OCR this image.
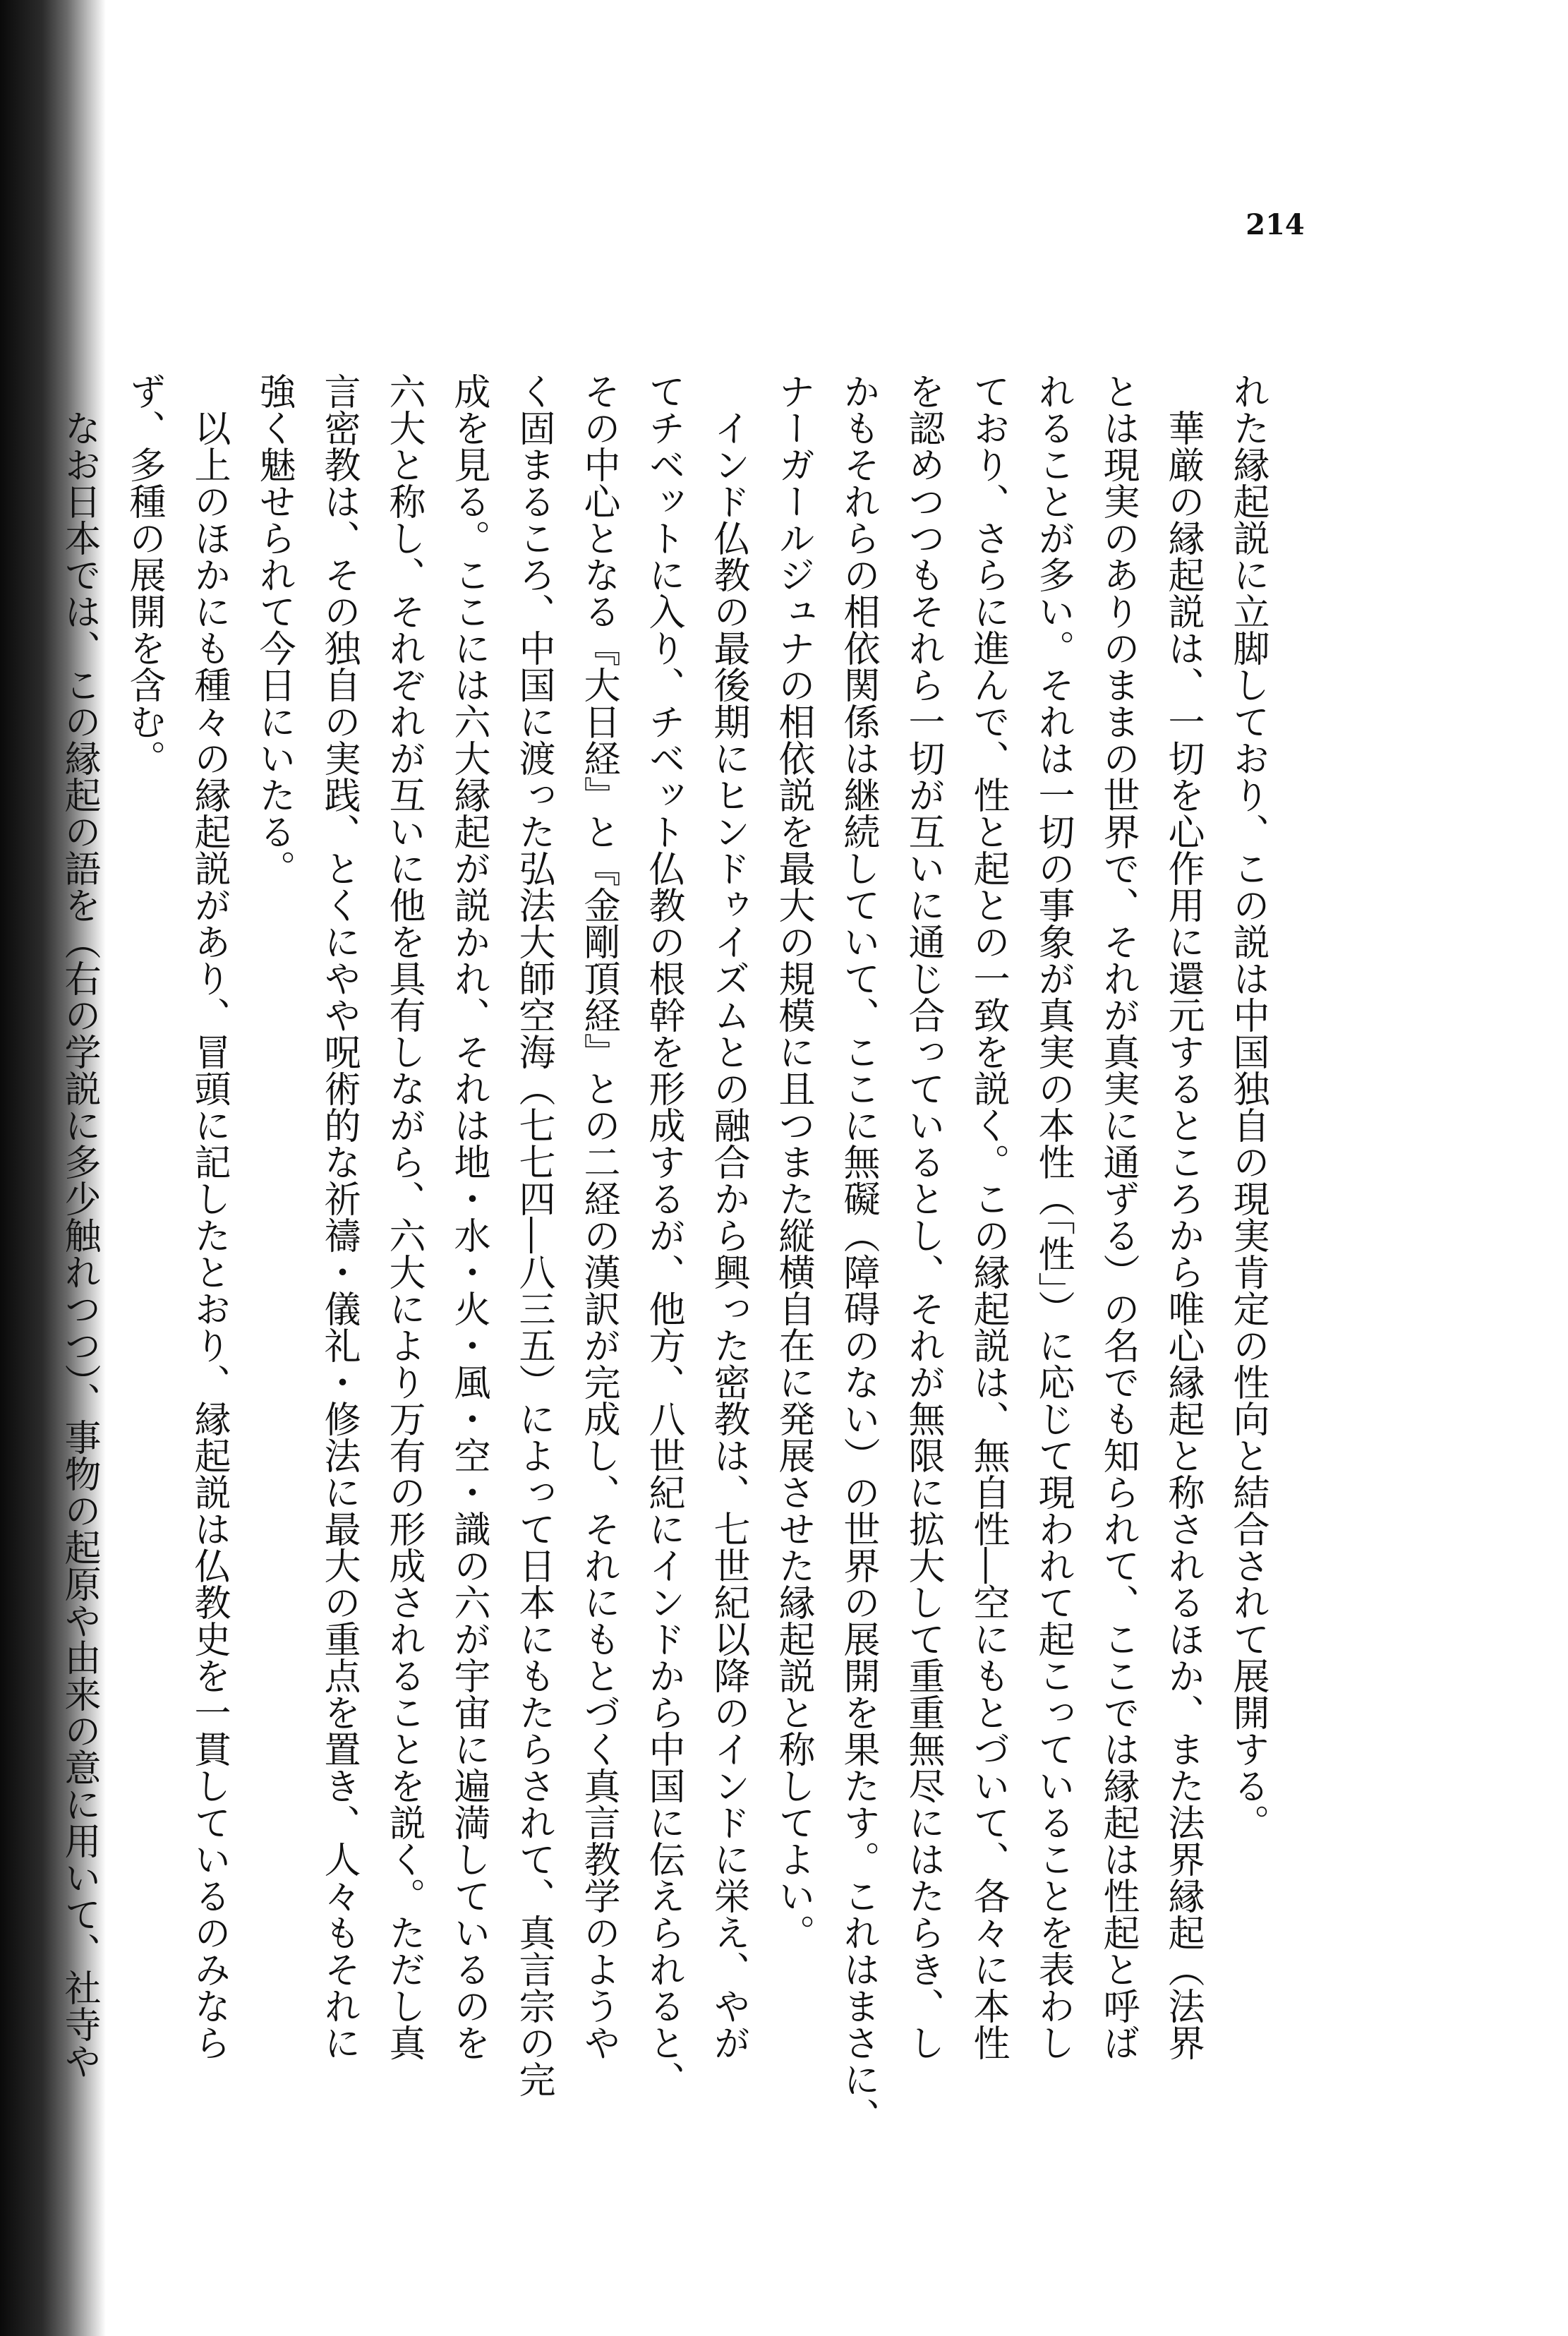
214
れた縁起説に立脚しており、この説は中国独自の現実肯定の性向と結合されて展開する。
　華厳の縁起説は、一切を心作用に還元するところから唯心縁起と称されるほか、また法界縁起（法界
とは現実のありのままの世界で、それが真実に通ずる）の名でも知られて、ここでは縁起は性起と呼ば
れることが多い。それは一切の事象が真実の本性（「性」）に応じて現われて起こっていることを表わし
ており、さらに進んで、性と起との一致を説く。この縁起説は、無自性―空にもとづいて、各々に本性
を認めつつもそれら一切が互いに通じ合っているとし、それが無限に拡大して重重無尽にはたらき、し
かもそれらの相依関係は継続していて、ここに無礙（障碍のない）の世界の展開を果たす。これはまさに、
ナーガールジュナの相依説を最大の規模に且つまた縦横自在に発展させた縁起説と称してよい。
　インド仏教の最後期にヒンドゥイズムとの融合から興った密教は、七世紀以降のインドに栄え、やが
てチベットに入り、チベット仏教の根幹を形成するが、他方、八世紀にインドから中国に伝えられると、
その中心となる『大日経』と『金剛頂経』との二経の漢訳が完成し、それにもとづく真言教学のようや
く固まるころ、中国に渡った弘法大師空海（七七四―八三五）によって日本にもたらされて、真言宗の完
成を見る。ここには六大縁起が説かれ、それは地・水・火・風・空・識の六が宇宙に遍満しているのを
六大と称し、それぞれが互いに他を具有しながら、六大により万有の形成されることを説く。ただし真
言密教は、その独自の実践、とくにやや呪術的な祈禱・儀礼・修法に最大の重点を置き、人々もそれに
強く魅せられて今日にいたる。
　以上のほかにも種々の縁起説があり、冒頭に記したとおり、縁起説は仏教史を一貫しているのみなら
ず、多種の展開を含む。
　なお日本では、この縁起の語を（右の学説に多少触れつつ）、事物の起原や由来の意に用いて、社寺や
